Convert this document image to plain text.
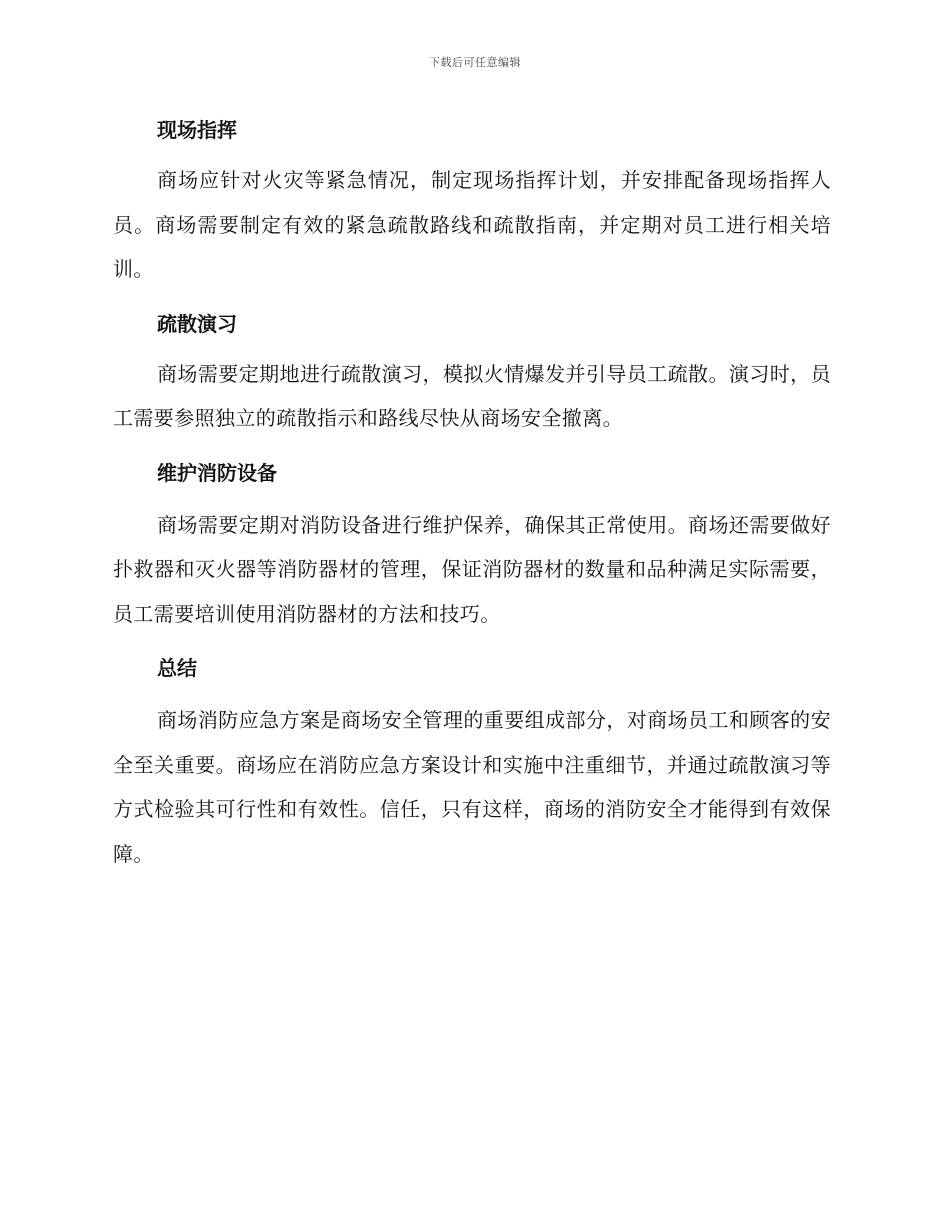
下载后可任意编辑
现场指挥

商场应针对火灾等紧急情况，制定现场指挥计划，并安排配备现场指挥人员。商场需要制定有效的紧急疏散路线和疏散指南，并定期对员工进行相关培训。

疏散演习

商场需要定期地进行疏散演习，模拟火情爆发并引导员工疏散。演习时，员工需要参照独立的疏散指示和路线尽快从商场安全撤离。

维护消防设备

商场需要定期对消防设备进行维护保养，确保其正常使用。商场还需要做好扑救器和灭火器等消防器材的管理，保证消防器材的数量和品种满足实际需要，员工需要培训使用消防器材的方法和技巧。

总结

商场消防应急方案是商场安全管理的重要组成部分，对商场员工和顾客的安全至关重要。商场应在消防应急方案设计和实施中注重细节，并通过疏散演习等方式检验其可行性和有效性。信任，只有这样，商场的消防安全才能得到有效保障。
